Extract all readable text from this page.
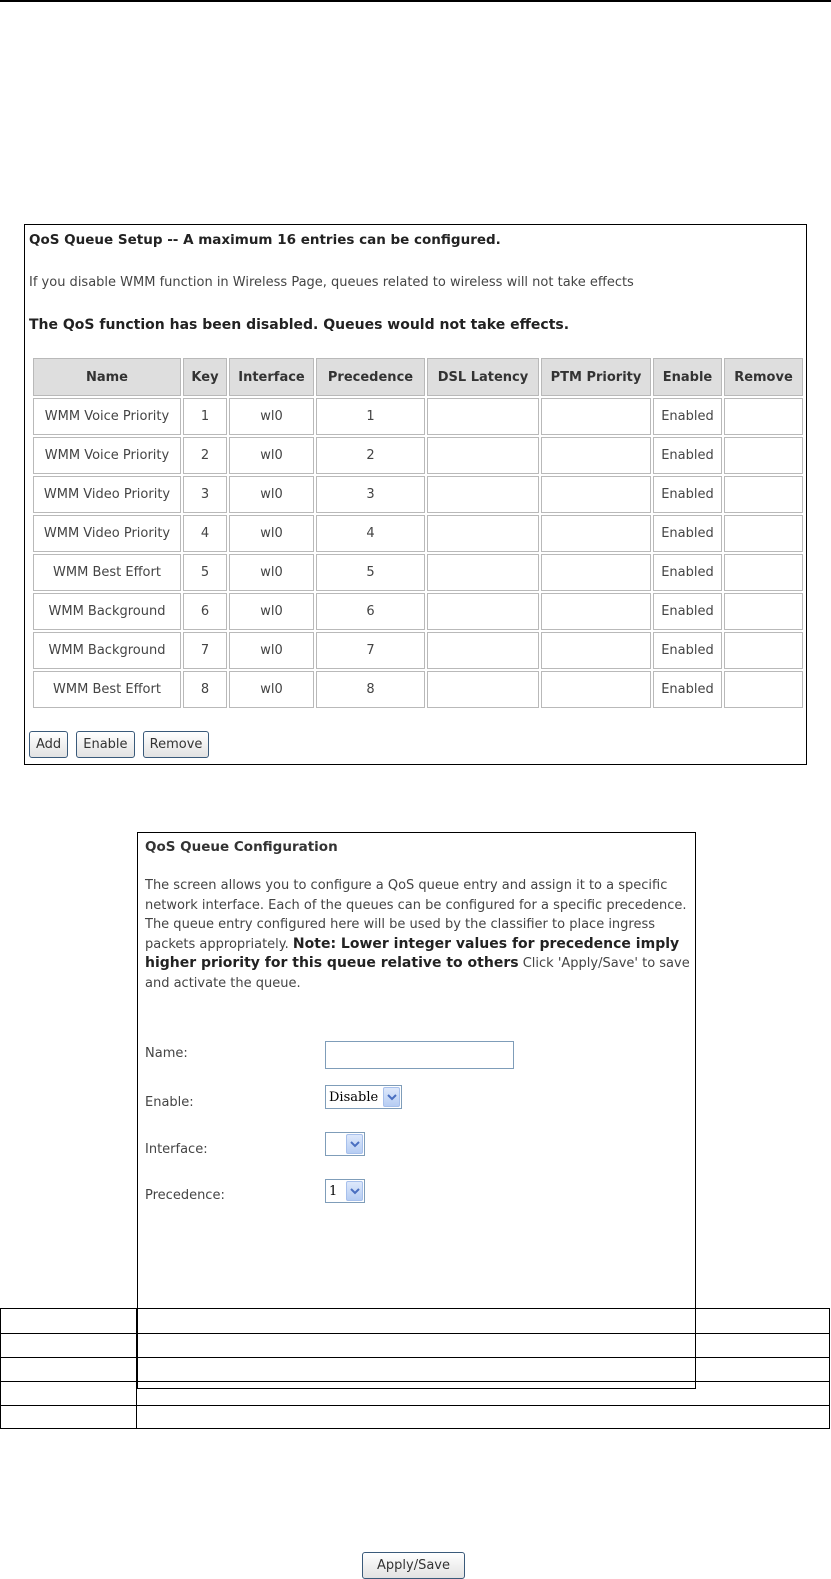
QoS Queue Setup -- A maximum 16 entries can be configured.
If you disable WMM function in Wireless Page, queues related to wireless will not take effects
The QoS function has been disabled. Queues would not take effects.
Name	Key	Interface	Precedence	DSL Latency	PTM Priority	Enable	Remove
WMM Voice Priority	1	wl0	1			Enabled	
WMM Voice Priority	2	wl0	2			Enabled	
WMM Video Priority	3	wl0	3			Enabled	
WMM Video Priority	4	wl0	4			Enabled	
WMM Best Effort	5	wl0	5			Enabled	
WMM Background	6	wl0	6			Enabled	
WMM Background	7	wl0	7			Enabled	
WMM Best Effort	8	wl0	8			Enabled	
Add Enable Remove
QoS Queue Configuration
The screen allows you to configure a QoS queue entry and assign it to a specific network interface. Each of the queues can be configured for a specific precedence. The queue entry configured here will be used by the classifier to place ingress packets appropriately. Note: Lower integer values for precedence imply higher priority for this queue relative to others Click 'Apply/Save' to save and activate the queue.
Name:
Enable:	Disable
Interface:
Precedence:	1
Apply/Save
